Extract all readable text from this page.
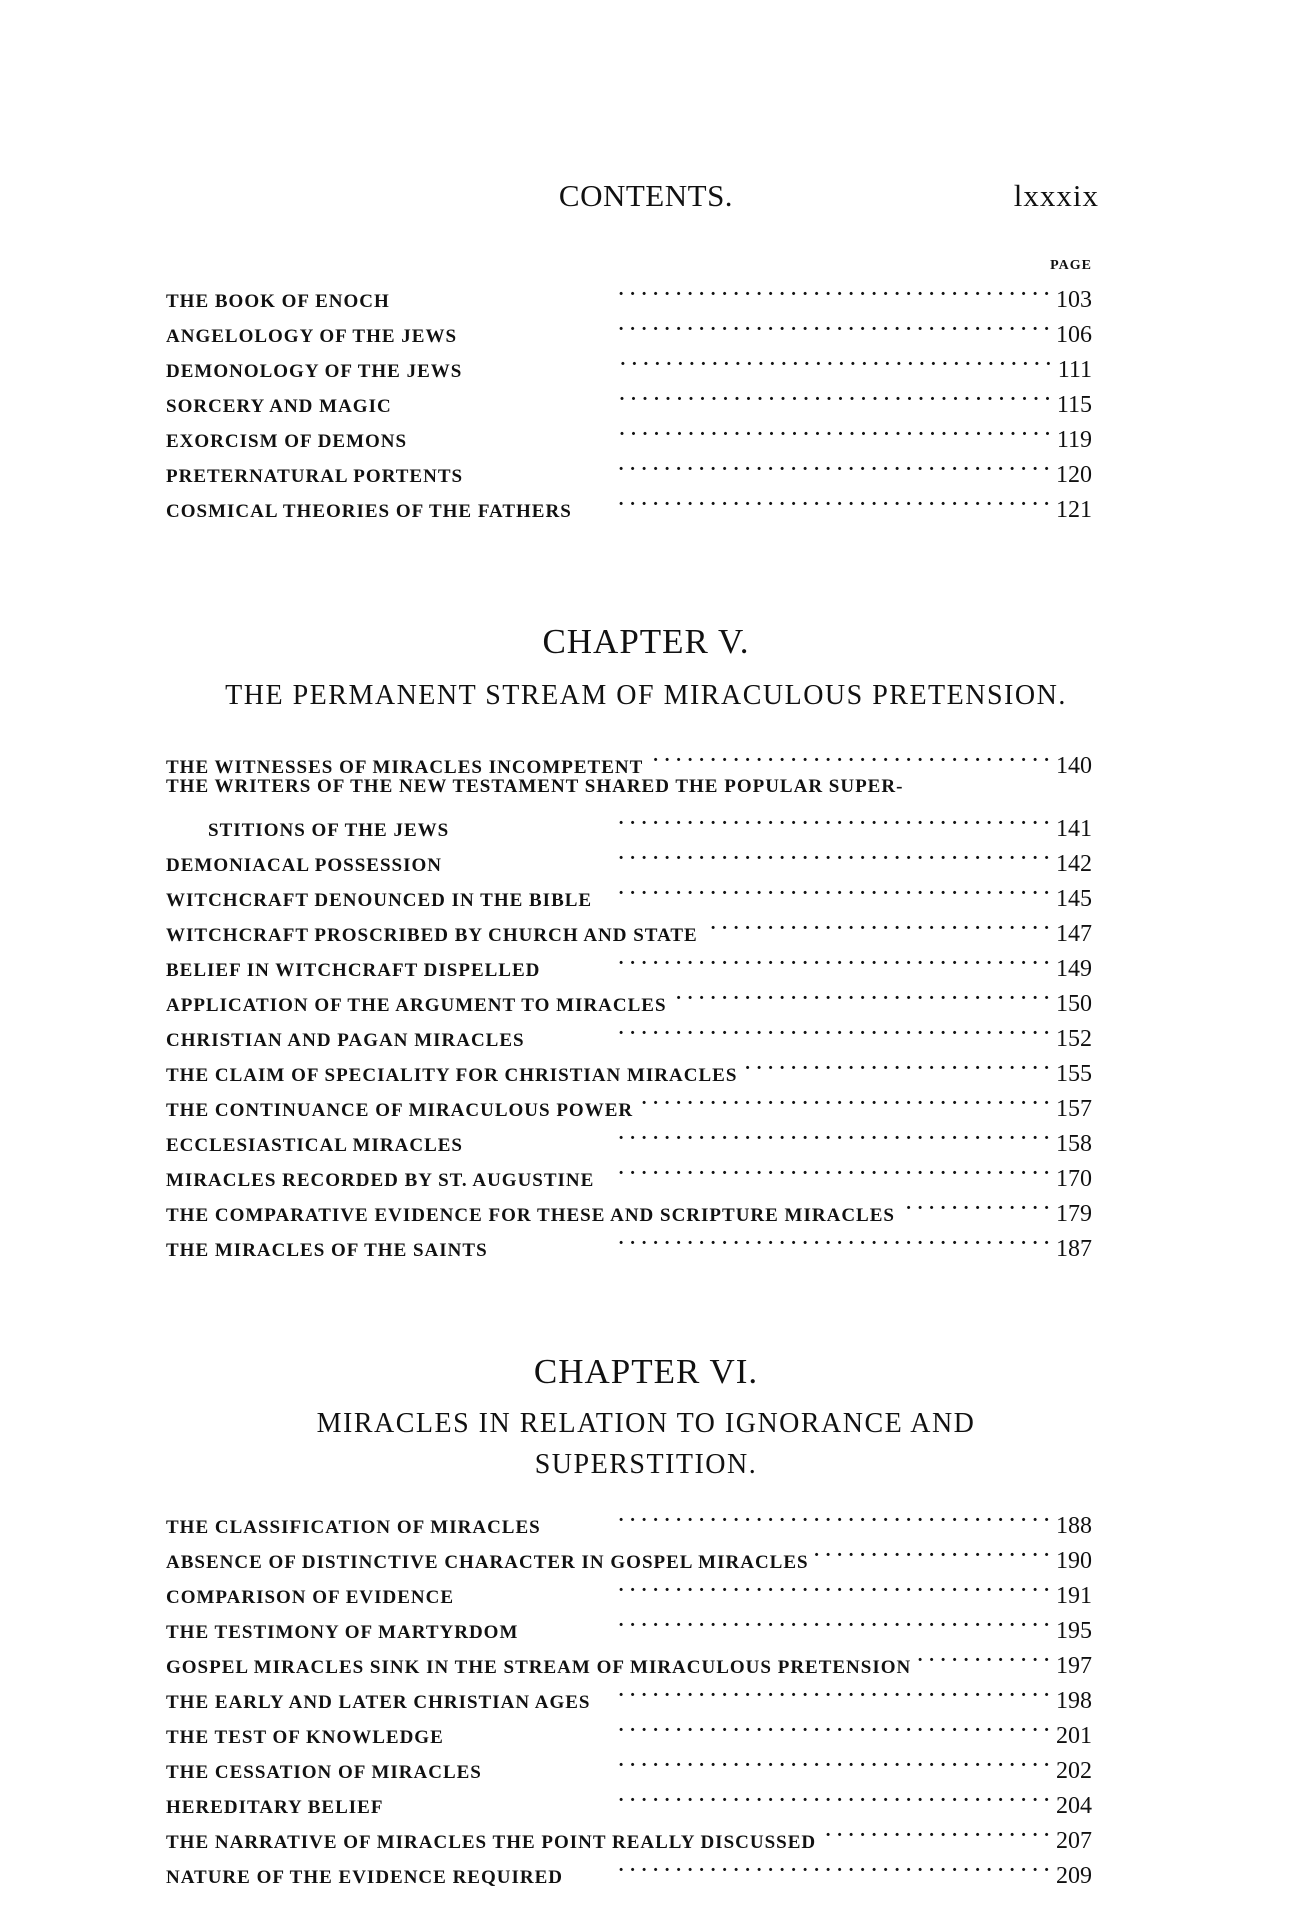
CONTENTS.	lxxxix
PAGE
THE BOOK OF ENOCH . .	103
ANGELOLOGY OF THE JEWS . .	106
DEMONOLOGY OF THE JEWS . .	111
SORCERY AND MAGIC . .	115
EXORCISM OF DEMONS . .	119
PRETERNATURAL PORTENTS . .	120
COSMICAL THEORIES OF THE FATHERS . .	121
CHAPTER V.
THE PERMANENT STREAM OF MIRACULOUS PRETENSION.
THE WITNESSES OF MIRACLES INCOMPETENT . .	140
THE WRITERS OF THE NEW TESTAMENT SHARED THE POPULAR SUPER-
STITIONS OF THE JEWS . .	141
DEMONIACAL POSSESSION . .	142
WITCHCRAFT DENOUNCED IN THE BIBLE . .	145
WITCHCRAFT PROSCRIBED BY CHURCH AND STATE . .	147
BELIEF IN WITCHCRAFT DISPELLED . .	149
APPLICATION OF THE ARGUMENT TO MIRACLES . .	150
CHRISTIAN AND PAGAN MIRACLES . .	152
THE CLAIM OF SPECIALITY FOR CHRISTIAN MIRACLES . .	155
THE CONTINUANCE OF MIRACULOUS POWER . .	157
ECCLESIASTICAL MIRACLES . .	158
MIRACLES RECORDED BY ST. AUGUSTINE . .	170
THE COMPARATIVE EVIDENCE FOR THESE AND SCRIPTURE MIRACLES . .	179
THE MIRACLES OF THE SAINTS . .	187
CHAPTER VI.
MIRACLES IN RELATION TO IGNORANCE AND
SUPERSTITION.
THE CLASSIFICATION OF MIRACLES . .	188
ABSENCE OF DISTINCTIVE CHARACTER IN GOSPEL MIRACLES . .	190
COMPARISON OF EVIDENCE . .	191
THE TESTIMONY OF MARTYRDOM . .	195
GOSPEL MIRACLES SINK IN THE STREAM OF MIRACULOUS PRETENSION . .	197
THE EARLY AND LATER CHRISTIAN AGES . .	198
THE TEST OF KNOWLEDGE . .	201
THE CESSATION OF MIRACLES . .	202
HEREDITARY BELIEF . .	204
THE NARRATIVE OF MIRACLES THE POINT REALLY DISCUSSED . .	207
NATURE OF THE EVIDENCE REQUIRED . .	209
